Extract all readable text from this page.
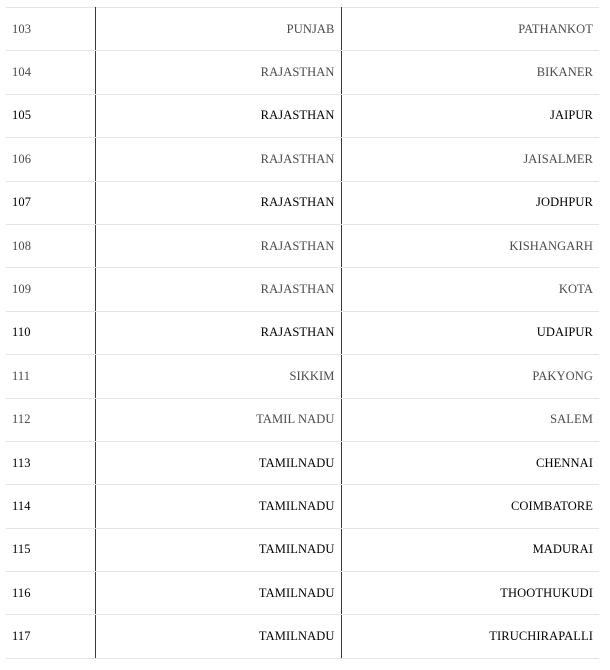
103	PUNJAB	PATHANKOT
104	RAJASTHAN	BIKANER
105	RAJASTHAN	JAIPUR
106	RAJASTHAN	JAISALMER
107	RAJASTHAN	JODHPUR
108	RAJASTHAN	KISHANGARH
109	RAJASTHAN	KOTA
110	RAJASTHAN	UDAIPUR
111	SIKKIM	PAKYONG
112	TAMIL NADU	SALEM
113	TAMILNADU	CHENNAI
114	TAMILNADU	COIMBATORE
115	TAMILNADU	MADURAI
116	TAMILNADU	THOOTHUKUDI
117	TAMILNADU	TIRUCHIRAPALLI
